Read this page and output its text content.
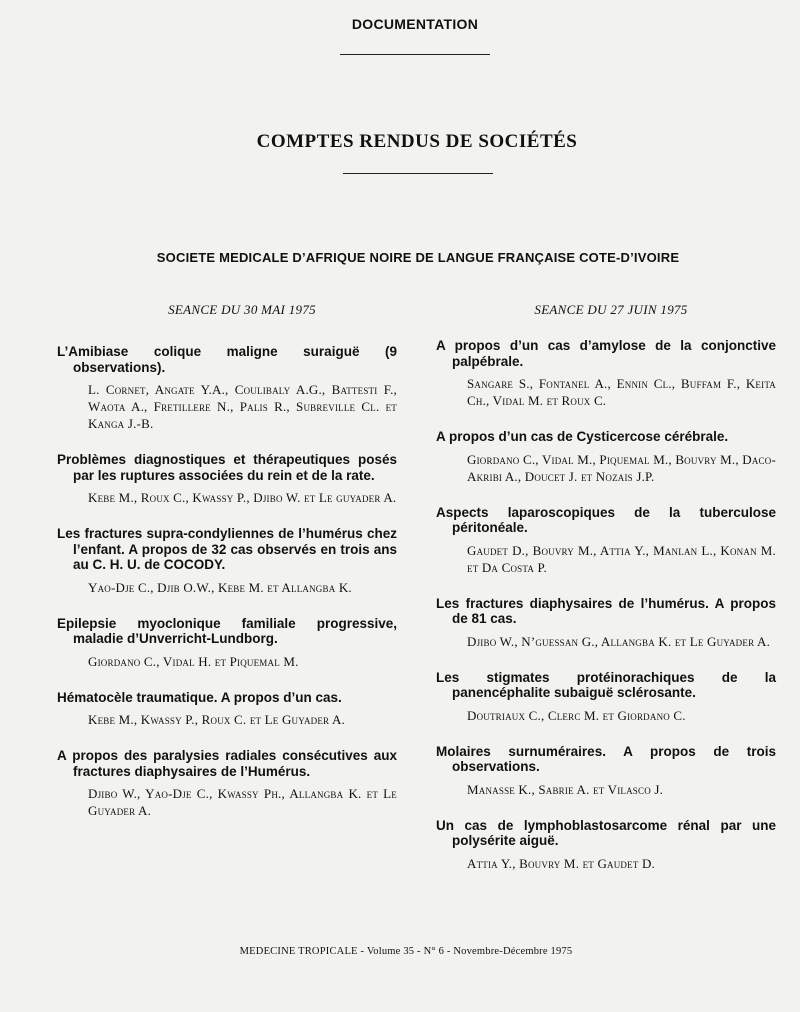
DOCUMENTATION
COMPTES RENDUS DE SOCIÉTÉS
SOCIETE MEDICALE D’AFRIQUE NOIRE DE LANGUE FRANÇAISE COTE-D’IVOIRE
SEANCE DU 30 MAI 1975
L’Amibiase colique maligne suraiguë (9 observations).
L. Cornet, Angate Y.A., Coulibaly A.G., Battesti F., Waota A., Fretillere N., Palis R., Subreville Cl. et Kanga J.-B.
Problèmes diagnostiques et thérapeutiques posés par les ruptures associées du rein et de la rate.
Kebe M., Roux C., Kwassy P., Djibo W. et Le guyader A.
Les fractures supra-condyliennes de l’humérus chez l’enfant. A propos de 32 cas observés en trois ans au C. H. U. de COCODY.
Yao-Dje C., Djib O.W., Kebe M. et Allangba K.
Epilepsie myoclonique familiale progressive, maladie d’Unverricht-Lundborg.
Giordano C., Vidal H. et Piquemal M.
Hématocèle traumatique. A propos d’un cas.
Kebe M., Kwassy P., Roux C. et Le Guyader A.
A propos des paralysies radiales consécutives aux fractures diaphysaires de l’Humérus.
Djibo W., Yao-Dje C., Kwassy Ph., Allangba K. et Le Guyader A.
SEANCE DU 27 JUIN 1975
A propos d’un cas d’amylose de la conjonctive palpébrale.
Sangare S., Fontanel A., Ennin Cl., Buffam F., Keita Ch., Vidal M. et Roux C.
A propos d’un cas de Cysticercose cérébrale.
Giordano C., Vidal M., Piquemal M., Bouvry M., Daco-Akribi A., Doucet J. et Nozais J.P.
Aspects laparoscopiques de la tuberculose péritonéale.
Gaudet D., Bouvry M., Attia Y., Manlan L., Konan M. et Da Costa P.
Les fractures diaphysaires de l’humérus. A propos de 81 cas.
Djibo W., N’guessan G., Allangba K. et Le Guyader A.
Les stigmates protéinorachiques de la panencéphalite subaiguë sclérosante.
Doutriaux C., Clerc M. et Giordano C.
Molaires surnuméraires. A propos de trois observations.
Manasse K., Sabrie A. et Vilasco J.
Un cas de lymphoblastosarcome rénal par une polysérite aiguë.
Attia Y., Bouvry M. et Gaudet D.
MEDECINE TROPICALE - Volume 35 - N° 6 - Novembre-Décembre 1975
